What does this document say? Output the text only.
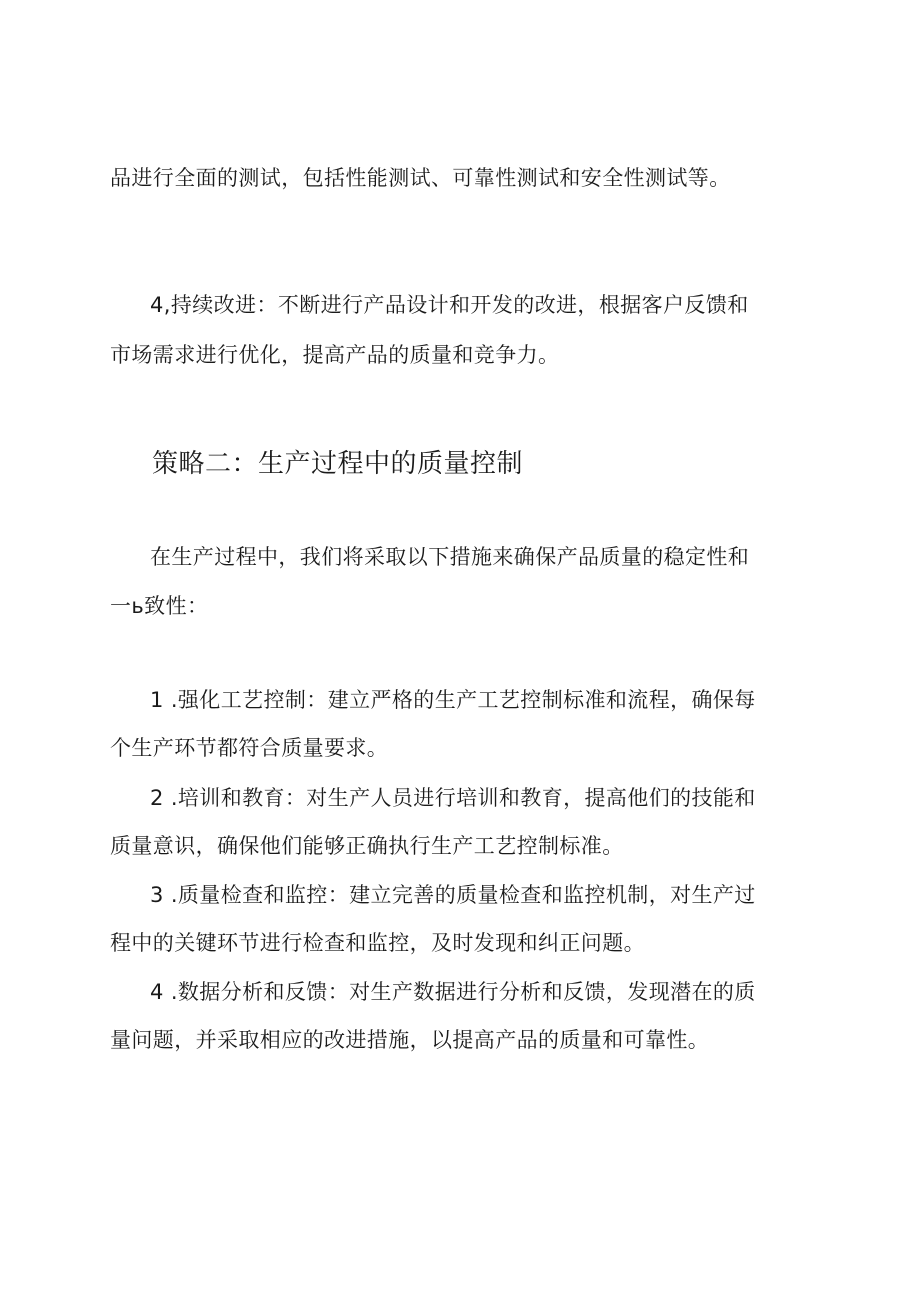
品进行全面的测试，包括性能测试、可靠性测试和安全性测试等。
4,持续改进：不断进行产品设计和开发的改进，根据客户反馈和
市场需求进行优化，提高产品的质量和竞争力。
策略二：生产过程中的质量控制
在生产过程中，我们将采取以下措施来确保产品质量的稳定性和
一ь致性：
1 .强化工艺控制：建立严格的生产工艺控制标准和流程，确保每
个生产环节都符合质量要求。
2 .培训和教育：对生产人员进行培训和教育，提高他们的技能和
质量意识，确保他们能够正确执行生产工艺控制标准。
3 .质量检查和监控：建立完善的质量检查和监控机制，对生产过
程中的关键环节进行检查和监控，及时发现和纠正问题。
4 .数据分析和反馈：对生产数据进行分析和反馈，发现潜在的质
量问题，并采取相应的改进措施，以提高产品的质量和可靠性。
